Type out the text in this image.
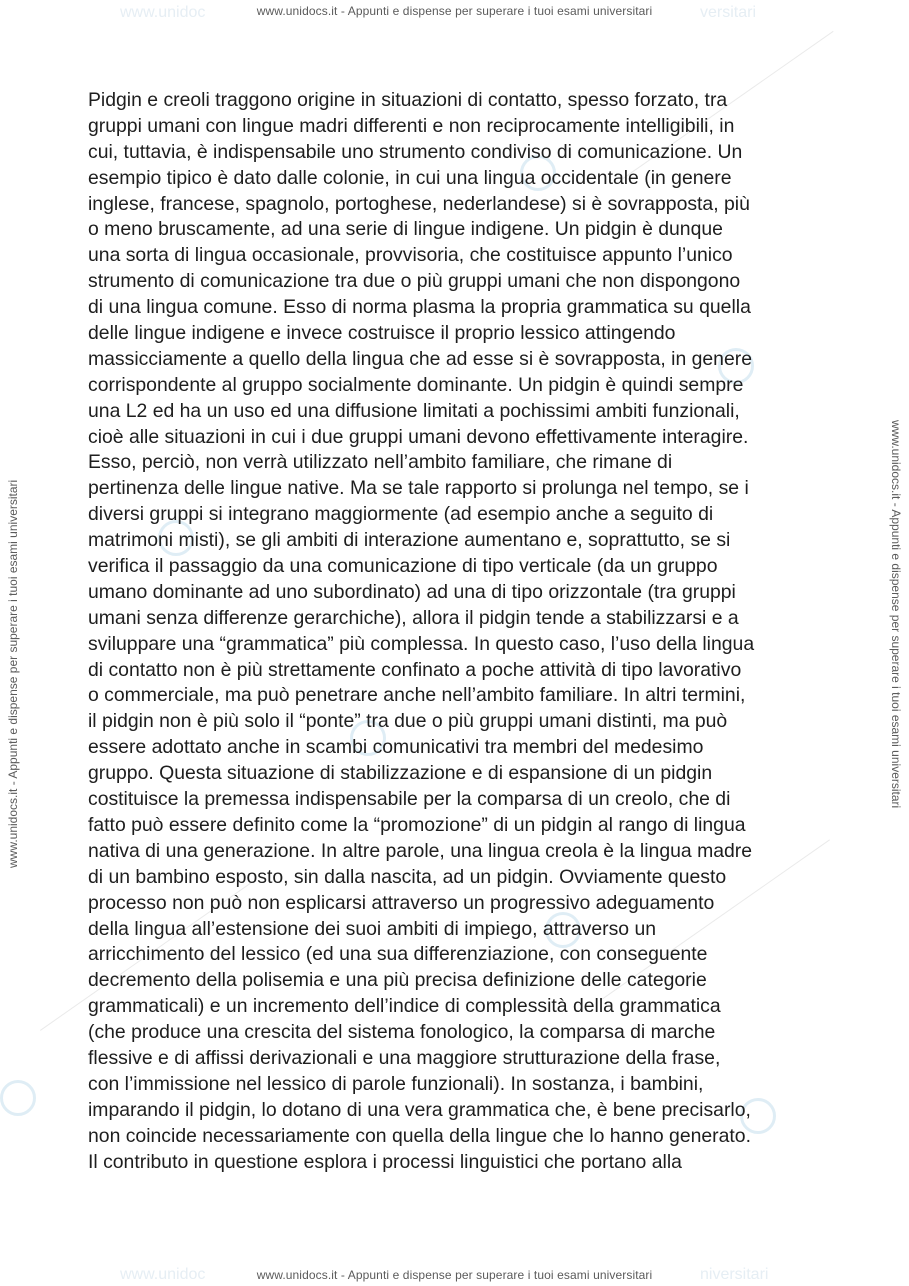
www.unidoc	versitari
www.unidoc	niversitari
www.unidocs.it - Appunti e dispense per superare i tuoi esami universitari
www.unidocs.it - Appunti e dispense per superare i tuoi esami universitari
www.unidocs.it - Appunti e dispense per superare i tuoi esami universitari	www.unidocs.it - Appunti e dispense per superare i tuoi esami universitari
Pidgin e creoli traggono origine in situazioni di contatto, spesso forzato, tra
gruppi umani con lingue madri differenti e non reciprocamente intelligibili, in
cui, tuttavia, è indispensabile uno strumento condiviso di comunicazione. Un
esempio tipico è dato dalle colonie, in cui una lingua occidentale (in genere
inglese, francese, spagnolo, portoghese, nederlandese) si è sovrapposta, più
o meno bruscamente, ad una serie di lingue indigene. Un pidgin è dunque
una sorta di lingua occasionale, provvisoria, che costituisce appunto l’unico
strumento di comunicazione tra due o più gruppi umani che non dispongono
di una lingua comune. Esso di norma plasma la propria grammatica su quella
delle lingue indigene e invece costruisce il proprio lessico attingendo
massicciamente a quello della lingua che ad esse si è sovrapposta, in genere
corrispondente al gruppo socialmente dominante. Un pidgin è quindi sempre
una L2 ed ha un uso ed una diffusione limitati a pochissimi ambiti funzionali,
cioè alle situazioni in cui i due gruppi umani devono effettivamente interagire.
Esso, perciò, non verrà utilizzato nell’ambito familiare, che rimane di
pertinenza delle lingue native. Ma se tale rapporto si prolunga nel tempo, se i
diversi gruppi si integrano maggiormente (ad esempio anche a seguito di
matrimoni misti), se gli ambiti di interazione aumentano e, soprattutto, se si
verifica il passaggio da una comunicazione di tipo verticale (da un gruppo
umano dominante ad uno subordinato) ad una di tipo orizzontale (tra gruppi
umani senza differenze gerarchiche), allora il pidgin tende a stabilizzarsi e a
sviluppare una “grammatica” più complessa. In questo caso, l’uso della lingua
di contatto non è più strettamente confinato a poche attività di tipo lavorativo
o commerciale, ma può penetrare anche nell’ambito familiare. In altri termini,
il pidgin non è più solo il “ponte” tra due o più gruppi umani distinti, ma può
essere adottato anche in scambi comunicativi tra membri del medesimo
gruppo. Questa situazione di stabilizzazione e di espansione di un pidgin
costituisce la premessa indispensabile per la comparsa di un creolo, che di
fatto può essere definito come la “promozione” di un pidgin al rango di lingua
nativa di una generazione. In altre parole, una lingua creola è la lingua madre
di un bambino esposto, sin dalla nascita, ad un pidgin. Ovviamente questo
processo non può non esplicarsi attraverso un progressivo adeguamento
della lingua all’estensione dei suoi ambiti di impiego, attraverso un
arricchimento del lessico (ed una sua differenziazione, con conseguente
decremento della polisemia e una più precisa definizione delle categorie
grammaticali) e un incremento dell’indice di complessità della grammatica
(che produce una crescita del sistema fonologico, la comparsa di marche
flessive e di affissi derivazionali e una maggiore strutturazione della frase,
con l’immissione nel lessico di parole funzionali). In sostanza, i bambini,
imparando il pidgin, lo dotano di una vera grammatica che, è bene precisarlo,
non coincide necessariamente con quella della lingue che lo hanno generato.
Il contributo in questione esplora i processi linguistici che portano alla
